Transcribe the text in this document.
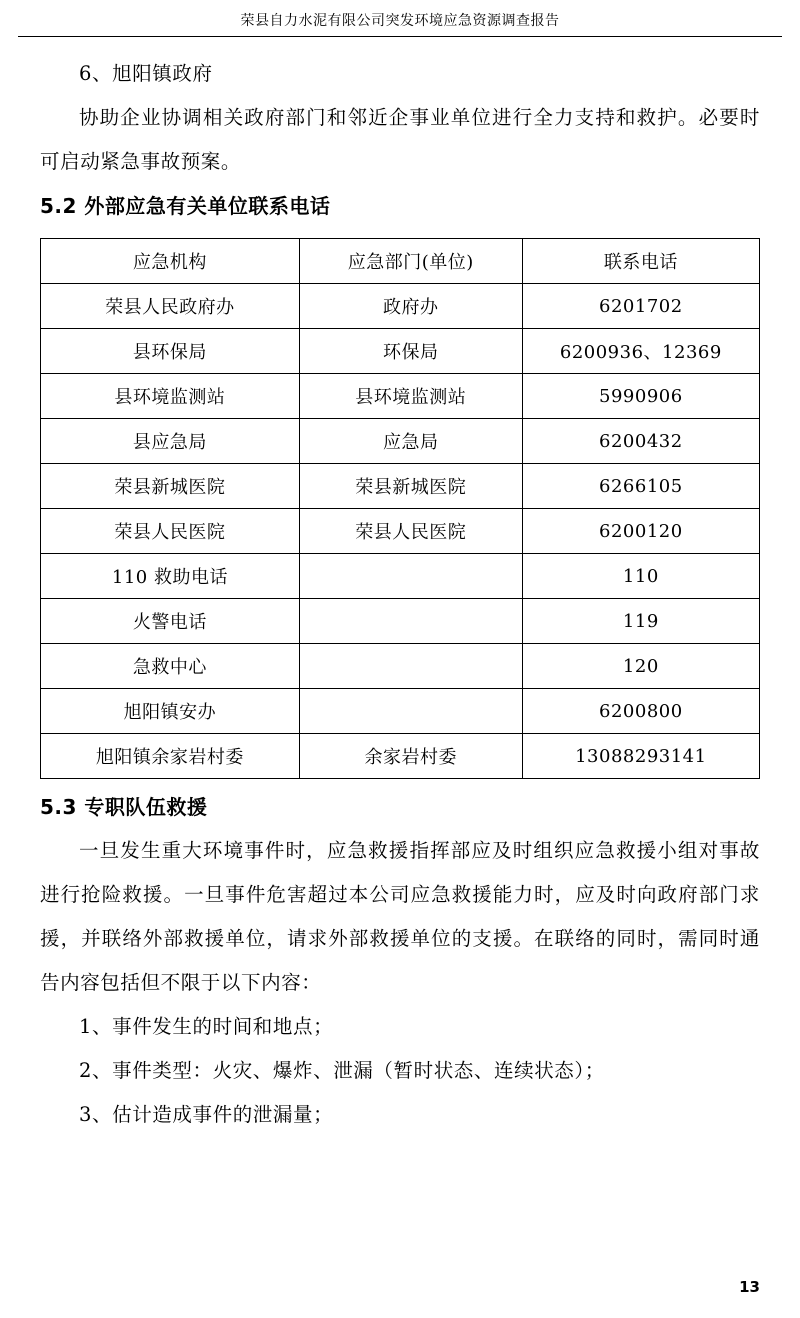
荣县自力水泥有限公司突发环境应急资源调查报告

6、旭阳镇政府

协助企业协调相关政府部门和邻近企事业单位进行全力支持和救护。必要时可启动紧急事故预案。

5.2 外部应急有关单位联系电话

应急机构	应急部门(单位)	联系电话
荣县人民政府办	政府办	6201702
县环保局	环保局	6200936、12369
县环境监测站	县环境监测站	5990906
县应急局	应急局	6200432
荣县新城医院	荣县新城医院	6266105
荣县人民医院	荣县人民医院	6200120
110 救助电话		110
火警电话		119
急救中心		120
旭阳镇安办		6200800
旭阳镇余家岩村委	余家岩村委	13088293141

5.3 专职队伍救援

一旦发生重大环境事件时，应急救援指挥部应及时组织应急救援小组对事故进行抢险救援。一旦事件危害超过本公司应急救援能力时，应及时向政府部门求援，并联络外部救援单位，请求外部救援单位的支援。在联络的同时，需同时通告内容包括但不限于以下内容：

1、事件发生的时间和地点；

2、事件类型：火灾、爆炸、泄漏（暂时状态、连续状态）；

3、估计造成事件的泄漏量；

13
